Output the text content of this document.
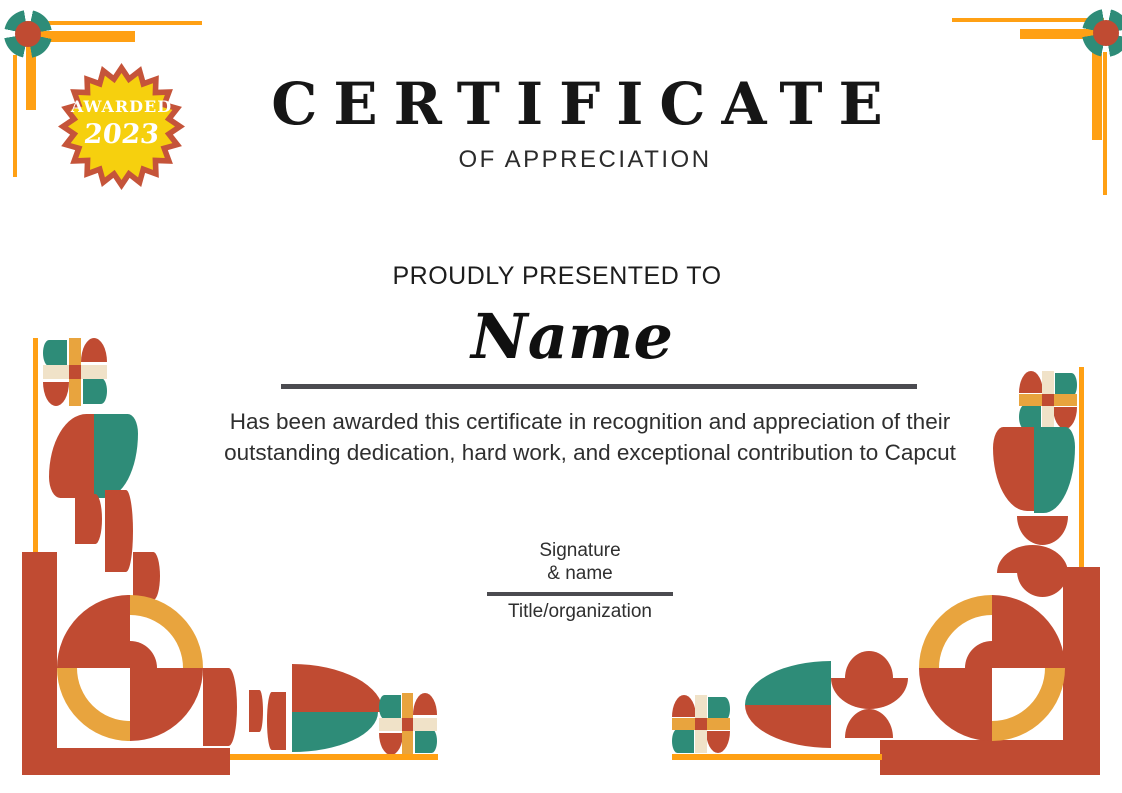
AWARDED
2023	CERTIFICATE
OF APPRECIATION
PROUDLY PRESENTED TO
Name
Has been awarded this certificate in recognition and appreciation of their
outstanding dedication, hard work, and exceptional contribution to Capcut
Signature
& name
Title/organization
